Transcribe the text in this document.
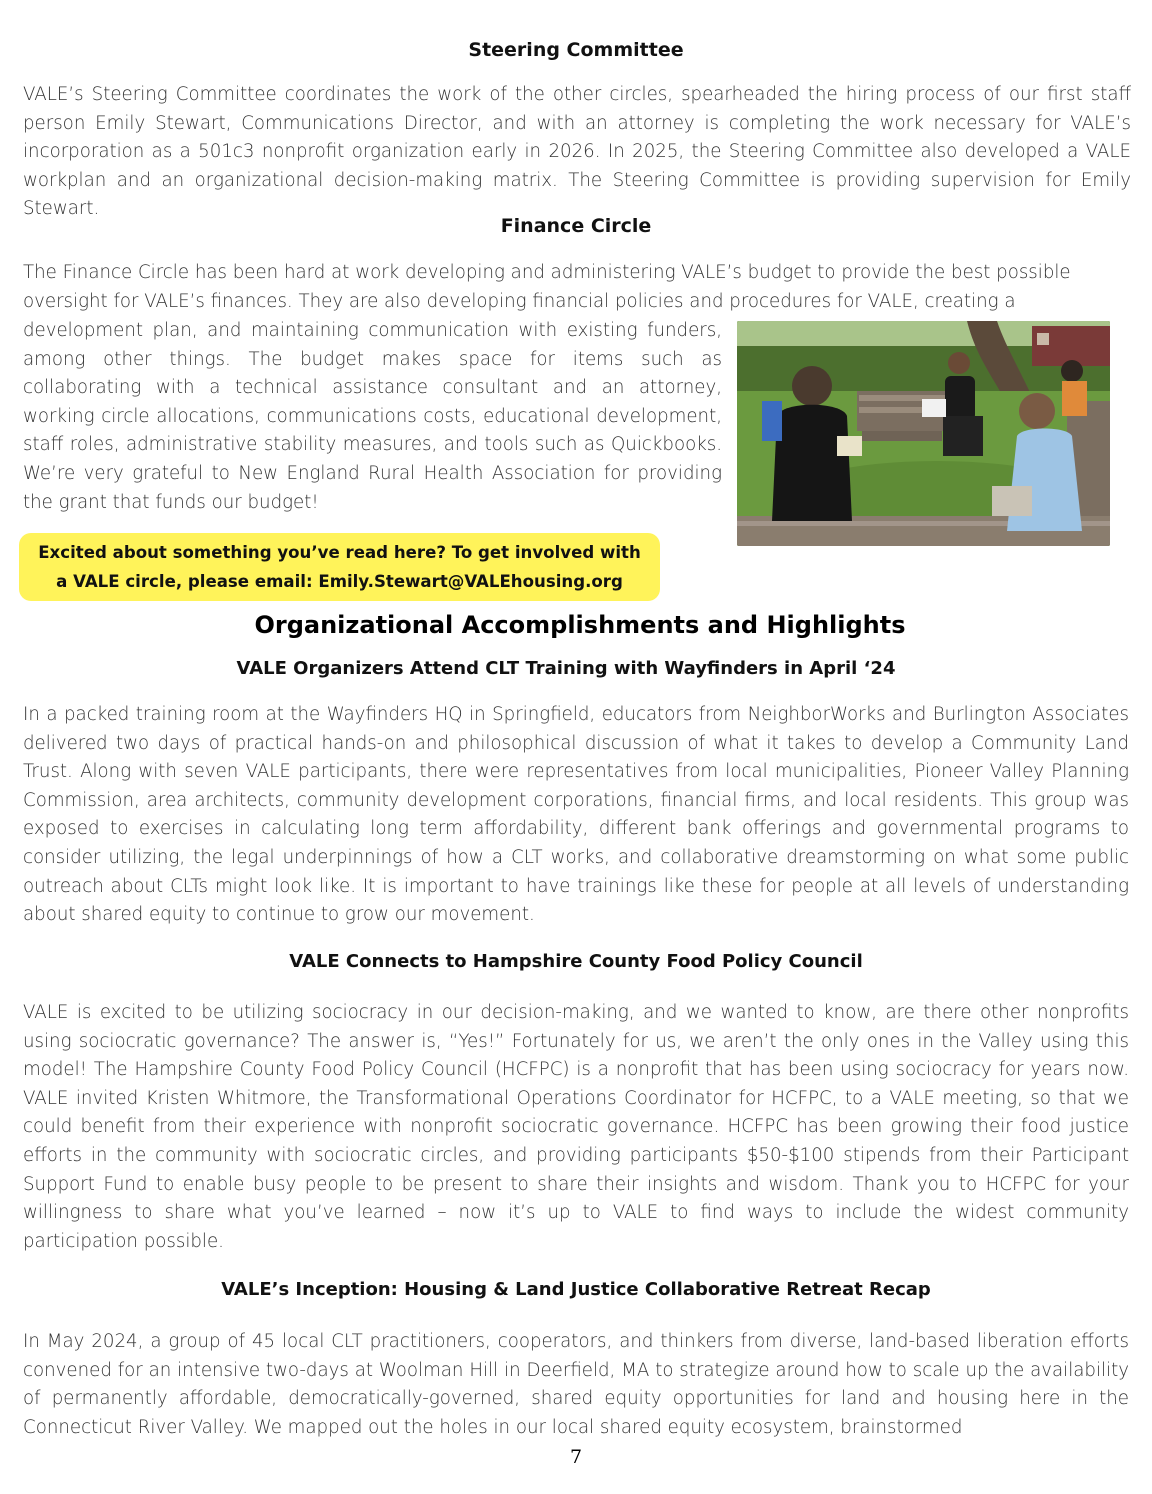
Steering Committee

VALE’s Steering Committee coordinates the work of the other circles, spearheaded the hiring process of our first staff person Emily Stewart, Communications Director, and with an attorney is completing the work necessary for VALE’s incorporation as a 501c3 nonprofit organization early in 2026. In 2025, the Steering Committee also developed a VALE workplan and an organizational decision-making matrix. The Steering Committee is providing supervision for Emily Stewart.

Finance Circle

The Finance Circle has been hard at work developing and administering VALE’s budget to provide the best possible oversight for VALE’s finances. They are also developing financial policies and procedures for VALE, creating a

development plan, and maintaining communication with existing funders, among other things. The budget makes space for items such as collaborating with a technical assistance consultant and an attorney, working circle allocations, communications costs, educational development, staff roles, administrative stability measures, and tools such as Quickbooks. We’re very grateful to New England Rural Health Association for providing the grant that funds our budget!

Excited about something you’ve read here? To get involved with
a VALE circle, please email: Emily.Stewart@VALEhousing.org
Organizational Accomplishments and Highlights
VALE Organizers Attend CLT Training with Wayfinders in April ‘24

In a packed training room at the Wayfinders HQ in Springfield, educators from NeighborWorks and Burlington Associates delivered two days of practical hands-on and philosophical discussion of what it takes to develop a Community Land Trust. Along with seven VALE participants, there were representatives from local municipalities, Pioneer Valley Planning Commission, area architects, community development corporations, financial firms, and local residents. This group was exposed to exercises in calculating long term affordability, different bank offerings and governmental programs to consider utilizing, the legal underpinnings of how a CLT works, and collaborative dreamstorming on what some public outreach about CLTs might look like. It is important to have trainings like these for people at all levels of understanding about shared equity to continue to grow our movement.

VALE Connects to Hampshire County Food Policy Council

VALE is excited to be utilizing sociocracy in our decision-making, and we wanted to know, are there other nonprofits using sociocratic governance? The answer is, “Yes!” Fortunately for us, we aren’t the only ones in the Valley using this model! The Hampshire County Food Policy Council (HCFPC) is a nonprofit that has been using sociocracy for years now. VALE invited Kristen Whitmore, the Transformational Operations Coordinator for HCFPC, to a VALE meeting, so that we could benefit from their experience with nonprofit sociocratic governance. HCFPC has been growing their food justice efforts in the community with sociocratic circles, and providing participants $50-$100 stipends from their Participant Support Fund to enable busy people to be present to share their insights and wisdom. Thank you to HCFPC for your willingness to share what you’ve learned – now it’s up to VALE to find ways to include the widest community participation possible.

VALE’s Inception: Housing & Land Justice Collaborative Retreat Recap

In May 2024, a group of 45 local CLT practitioners, cooperators, and thinkers from diverse, land-based liberation efforts convened for an intensive two-days at Woolman Hill in Deerfield, MA to strategize around how to scale up the availability of permanently affordable, democratically-governed, shared equity opportunities for land and housing here in the Connecticut River Valley. We mapped out the holes in our local shared equity ecosystem, brainstormed

7
